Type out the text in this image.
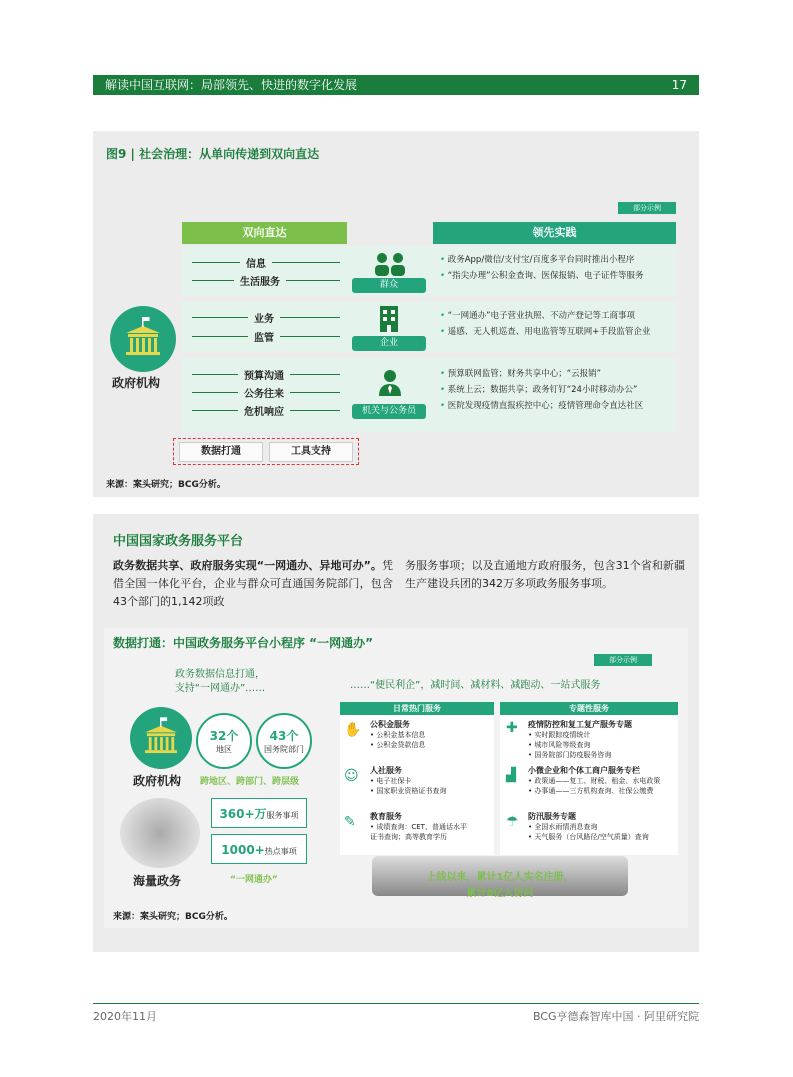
解读中国互联网：局部领先、快进的数字化发展	17
图9 | 社会治理：从单向传递到双向直达
部分示例
双向直达	领先实践
政府机构
信息
生活服务
业务
监管
预算沟通
公务往来
危机响应
群众
企业
机关与公务员
• 政务App/微信/支付宝/百度多平台同时推出小程序
• “指尖办理”公积金查询、医保报销、电子证件等服务
• “一网通办”电子营业执照、不动产登记等工商事项
• 遥感、无人机巡查、用电监管等互联网+手段监管企业
• 预算联网监管；财务共享中心；“云报销”
• 系统上云；数据共享；政务钉钉“24小时移动办公”
• 医院发现疫情直报疾控中心；疫情管理命令直达社区
数据打通	工具支持
来源：案头研究；BCG分析。
中国国家政务服务平台
政务数据共享、政府服务实现“一网通办、异地可办”。凭借全国一体化平台，企业与群众可直通国务院部门，包含43个部门的1,142项政
务服务事项；以及直通地方政府服务，包含31个省和新疆生产建设兵团的342万多项政务服务事项。
数据打通：中国政务服务平台小程序 “一网通办”
部分示例
政务数据信息打通，
支持“一网通办”……
政府机构
32个
地区
43个
国务院部门
跨地区、跨部门、跨层级
海量政务
360+万服务事项
1000+热点事项
“一网通办”
……“便民利企”，减时间、减材料、减跑动、一站式服务
日常热门服务	专题性服务
公积金服务
• 公积金基本信息
• 公积金贷款信息
人社服务
• 电子社保卡
• 国家职业资格证书查询
教育服务
• 成绩查询：CET、普通话水平
证书查询；高等教育学历
✋
☺
✎
疫情防控和复工复产服务专题
• 实时跟踪疫情统计
• 城市风险等级查询
• 国务院部门防疫服务咨询
小微企业和个体工商户服务专栏
• 政策通——复工、财税、租金、水电政策
• 办事通——三方机构查询、社保公缴费
防汛服务专题
• 全国水雨情消息查询
• 天气服务（台风路径/空气质量）查询
✚
▟
☂
上线以来，累计1亿人实名注册，
累计8亿人访问
来源：案头研究；BCG分析。
2020年11月	BCG亨德森智库中国 · 阿里研究院
